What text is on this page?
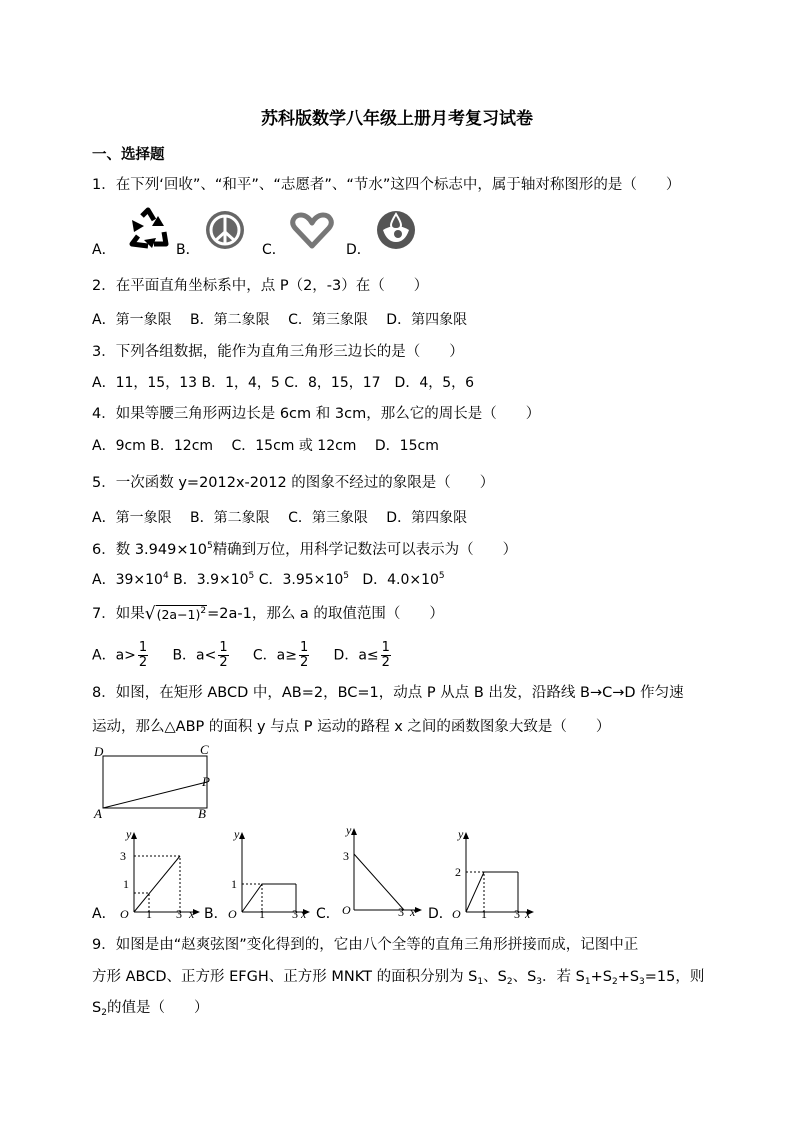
苏科版数学八年级上册月考复习试卷
一、选择题
1．在下列‘回收”、“和平”、“志愿者”、“节水”这四个标志中，属于轴对称图形的是（　　）
A．	B．	C．	D．
2．在平面直角坐标系中，点 P（2，-3）在（　　）
A．第一象限　 B．第二象限　 C．第三象限　 D．第四象限
3．下列各组数据，能作为直角三角形三边长的是（　　）
A．11，15，13 B．1，4，5 C．8，15，17　D．4，5，6
4．如果等腰三角形两边长是 6cm 和 3cm，那么它的周长是（　　）
A．9cm B．12cm　 C．15cm 或 12cm　 D．15cm
5．一次函数 y=2012x-2012 的图象不经过的象限是（　　）
A．第一象限　 B．第二象限　 C．第三象限　 D．第四象限
6．数 $3.949\times 10^5$精确到万位，用科学记数法可以表示为（　　）
A．$39\times 10^4$ B．$3.9\times 10^5$ C．$3.95\times 10^5$ D．$4.0\times 10^5$
7．如果$√(2a-1)^2=2a-1$，那么 a 的取值范围（　　）
A．$a> \frac{1}{2}$ B．$a< \frac{1}{2}$ C．$a\ge \frac{1}{2}$ D．$a\le \frac{1}{2}$
8．如图，在矩形 ABCD 中，AB=2，BC=1，动点 P 从点 B 出发，沿路线 B→C→D 作匀速
运动，那么△ABP 的面积 y 与点 P 运动的路程 x 之间的函数图象大致是（　　）
D	C
P
A	B
A．
y
3
1
O 1 3 x B．
y
1
O 1 3 x C．
y
3
O	3 x D．
y
2
O 1 3 x
9．如图是由“赵爽弦图”变化得到的，它由八个全等的直角三角形拼接而成，记图中正
方形 ABCD、正方形 EFGH、正方形 MNKT 的面积分别为 $S_1$、$S_2$、$S_3$．若 $S_1+S_2+S_3=15$，则
$S_2$的值是（　　）
